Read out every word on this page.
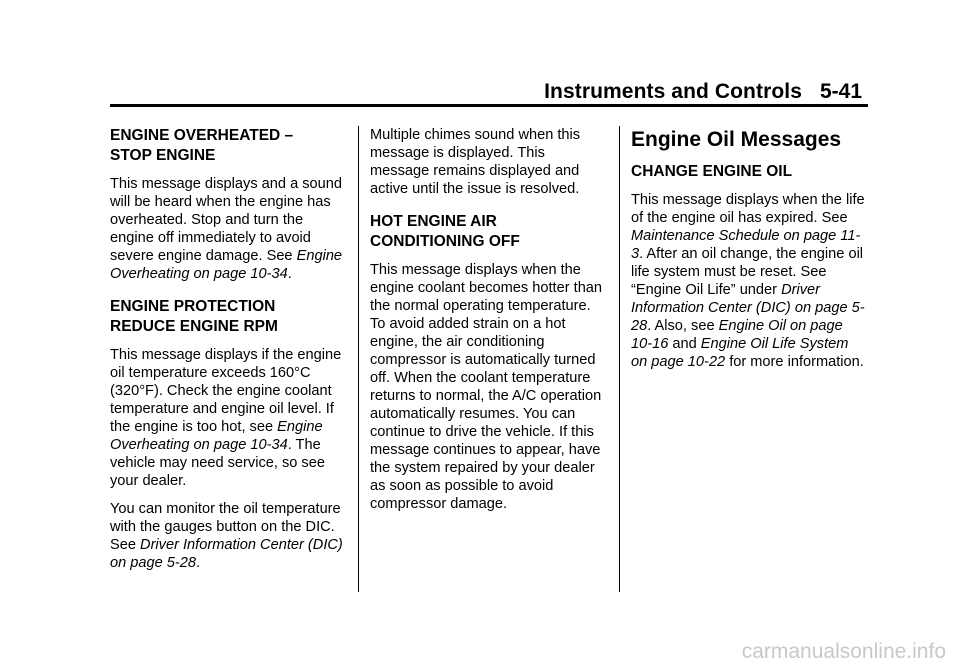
Instruments and Controls 5-41
ENGINE OVERHEATED –
STOP ENGINE

This message displays and a sound will be heard when the engine has overheated. Stop and turn the engine off immediately to avoid severe engine damage. See Engine Overheating on page 10-34.

ENGINE PROTECTION
REDUCE ENGINE RPM

This message displays if the engine oil temperature exceeds 160°C (320°F). Check the engine coolant temperature and engine oil level. If the engine is too hot, see Engine Overheating on page 10-34. The vehicle may need service, so see your dealer.

You can monitor the oil temperature with the gauges button on the DIC. See Driver Information Center (DIC) on page 5-28.

Multiple chimes sound when this message is displayed. This message remains displayed and active until the issue is resolved.

HOT ENGINE AIR
CONDITIONING OFF

This message displays when the engine coolant becomes hotter than the normal operating temperature. To avoid added strain on a hot engine, the air conditioning compressor is automatically turned off. When the coolant temperature returns to normal, the A/C operation automatically resumes. You can continue to drive the vehicle. If this message continues to appear, have the system repaired by your dealer as soon as possible to avoid compressor damage.

Engine Oil Messages
CHANGE ENGINE OIL

This message displays when the life of the engine oil has expired. See Maintenance Schedule on page 11-3. After an oil change, the engine oil life system must be reset. See “Engine Oil Life” under Driver Information Center (DIC) on page 5-28. Also, see Engine Oil on page 10-16 and Engine Oil Life System on page 10-22 for more information.

carmanualsonline.info
